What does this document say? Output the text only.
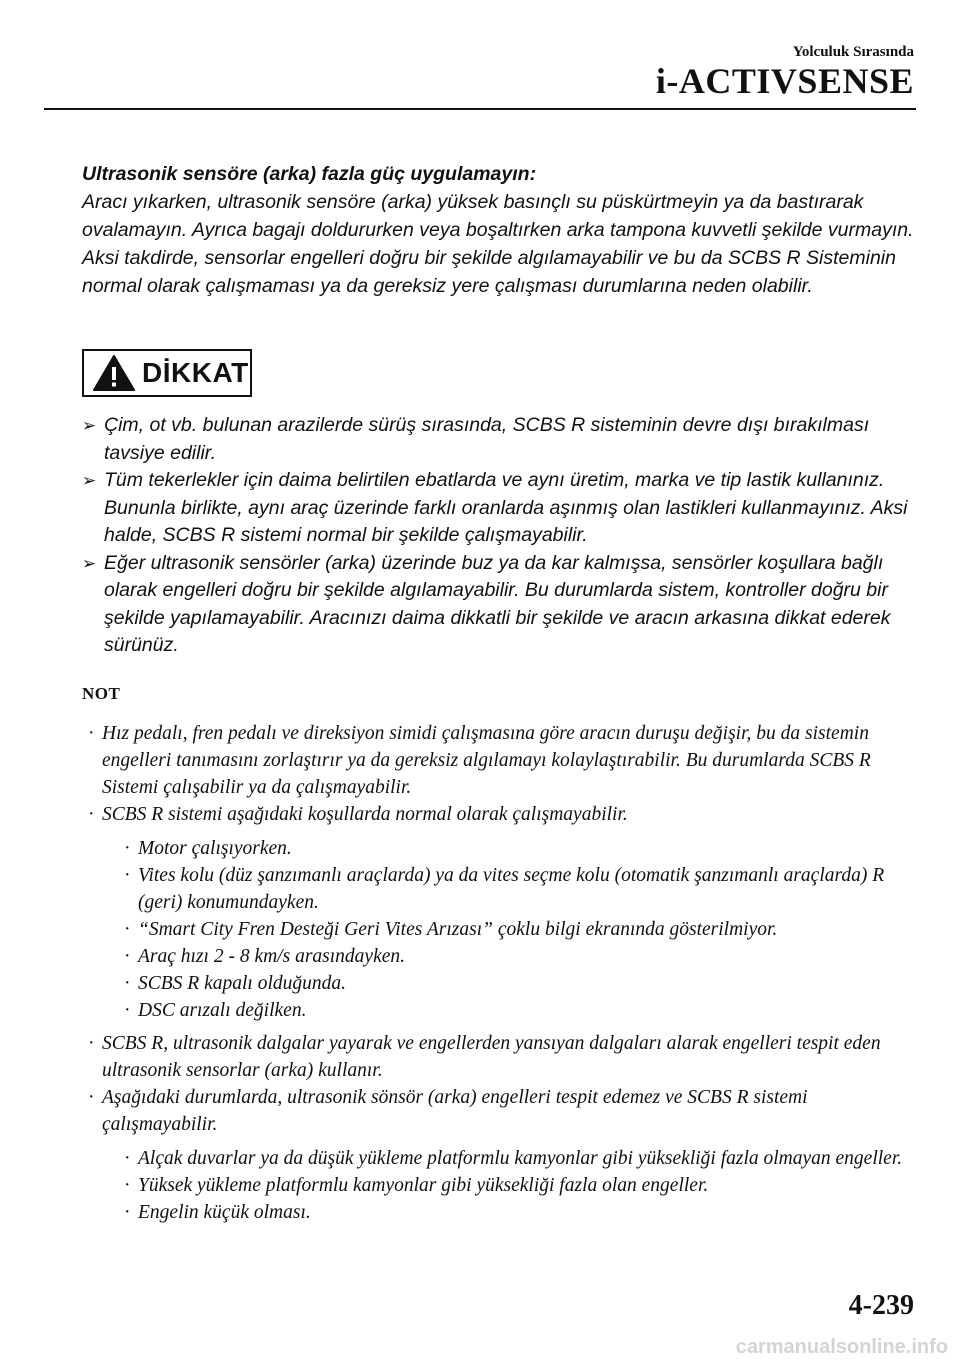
Yolculuk Sırasında
i-ACTIVSENSE
Ultrasonik sensöre (arka) fazla güç uygulamayın:
Aracı yıkarken, ultrasonik sensöre (arka) yüksek basınçlı su püskürtmeyin ya da bastırarak ovalamayın. Ayrıca bagajı doldururken veya boşaltırken arka tampona kuvvetli şekilde vurmayın. Aksi takdirde, sensorlar engelleri doğru bir şekilde algılamayabilir ve bu da SCBS R Sisteminin normal olarak çalışmaması ya da gereksiz yere çalışması durumlarına neden olabilir.
DİKKAT
➢ Çim, ot vb. bulunan arazilerde sürüş sırasında, SCBS R sisteminin devre dışı bırakılması tavsiye edilir.
➢ Tüm tekerlekler için daima belirtilen ebatlarda ve aynı üretim, marka ve tip lastik kullanınız. Bununla birlikte, aynı araç üzerinde farklı oranlarda aşınmış olan lastikleri kullanmayınız. Aksi halde, SCBS R sistemi normal bir şekilde çalışmayabilir.
➢ Eğer ultrasonik sensörler (arka) üzerinde buz ya da kar kalmışsa, sensörler koşullara bağlı olarak engelleri doğru bir şekilde algılamayabilir. Bu durumlarda sistem, kontroller doğru bir şekilde yapılamayabilir. Aracınızı daima dikkatli bir şekilde ve aracın arkasına dikkat ederek sürünüz.
NOT
· Hız pedalı, fren pedalı ve direksiyon simidi çalışmasına göre aracın duruşu değişir, bu da sistemin engelleri tanımasını zorlaştırır ya da gereksiz algılamayı kolaylaştırabilir. Bu durumlarda SCBS R Sistemi çalışabilir ya da çalışmayabilir.
· SCBS R sistemi aşağıdaki koşullarda normal olarak çalışmayabilir.
· Motor çalışıyorken.
· Vites kolu (düz şanzımanlı araçlarda) ya da vites seçme kolu (otomatik şanzımanlı araçlarda) R (geri) konumundayken.
· “Smart City Fren Desteği Geri Vites Arızası” çoklu bilgi ekranında gösterilmiyor.
· Araç hızı 2 - 8 km/s arasındayken.
· SCBS R kapalı olduğunda.
· DSC arızalı değilken.
· SCBS R, ultrasonik dalgalar yayarak ve engellerden yansıyan dalgaları alarak engelleri tespit eden ultrasonik sensorlar (arka) kullanır.
· Aşağıdaki durumlarda, ultrasonik sönsör (arka) engelleri tespit edemez ve SCBS R sistemi çalışmayabilir.
· Alçak duvarlar ya da düşük yükleme platformlu kamyonlar gibi yüksekliği fazla olmayan engeller.
· Yüksek yükleme platformlu kamyonlar gibi yüksekliği fazla olan engeller.
· Engelin küçük olması.
4-239
carmanualsonline.info
